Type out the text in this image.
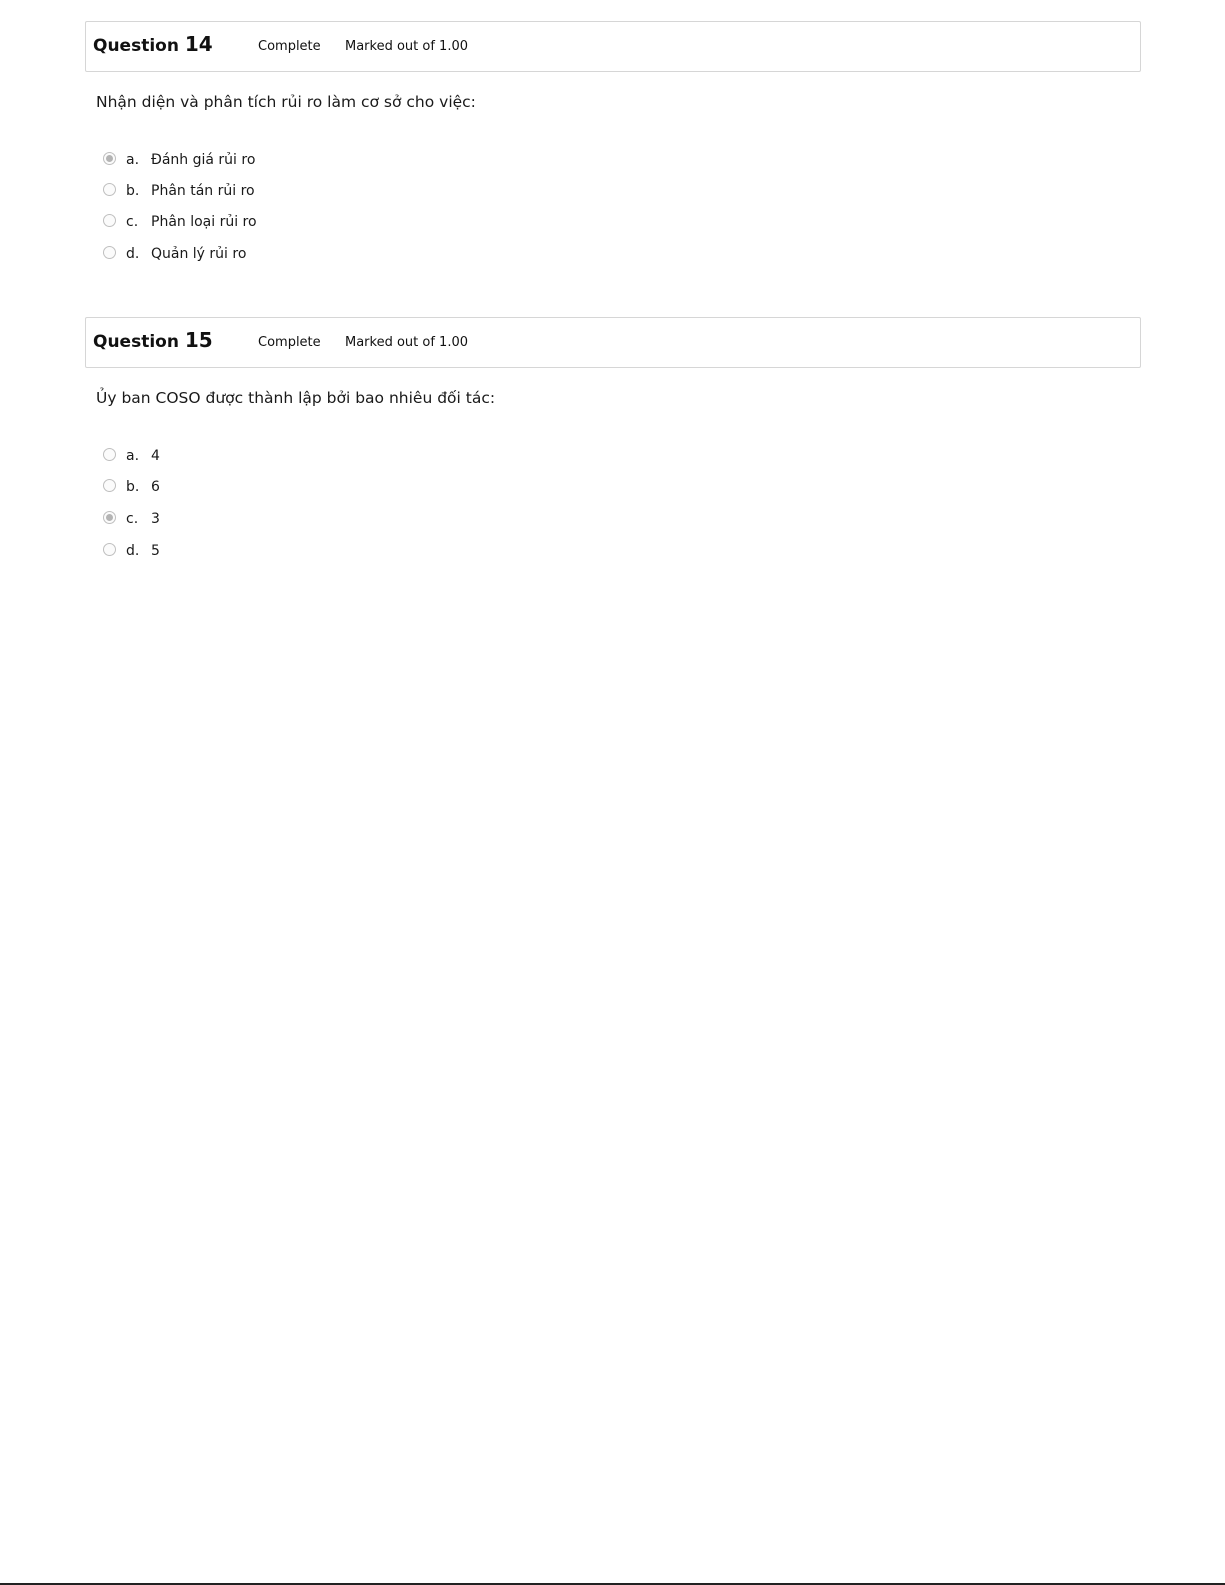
Question 14	Complete Marked out of 1.00
Nhận diện và phân tích rủi ro làm cơ sở cho việc:
a. Đánh giá rủi ro
b. Phân tán rủi ro
c. Phân loại rủi ro
d. Quản lý rủi ro
Question 15	Complete Marked out of 1.00
Ủy ban COSO được thành lập bởi bao nhiêu đối tác:
a. 4
b. 6
c. 3
d. 5
